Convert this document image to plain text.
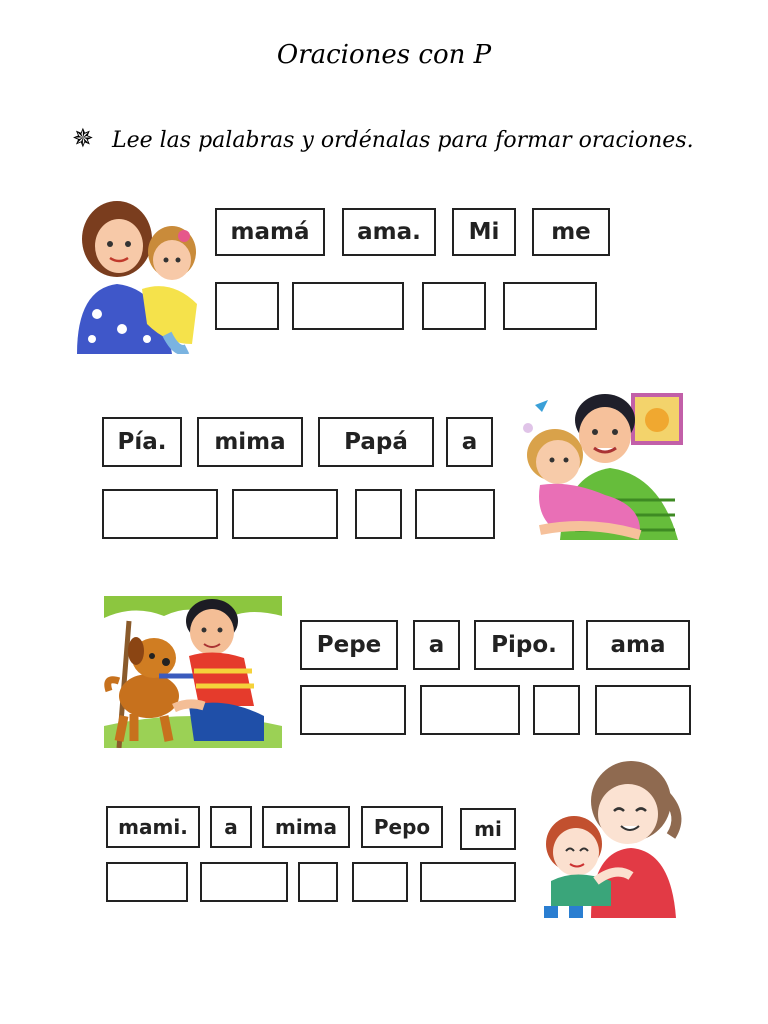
Oraciones con P
✵ Lee las palabras y ordénalas para formar oraciones.
mamá	ama.	Mi	me
Pía.	mima	Papá	a
Pepe	a	Pipo.	ama
mami.	a	mima	Pepo	mi
